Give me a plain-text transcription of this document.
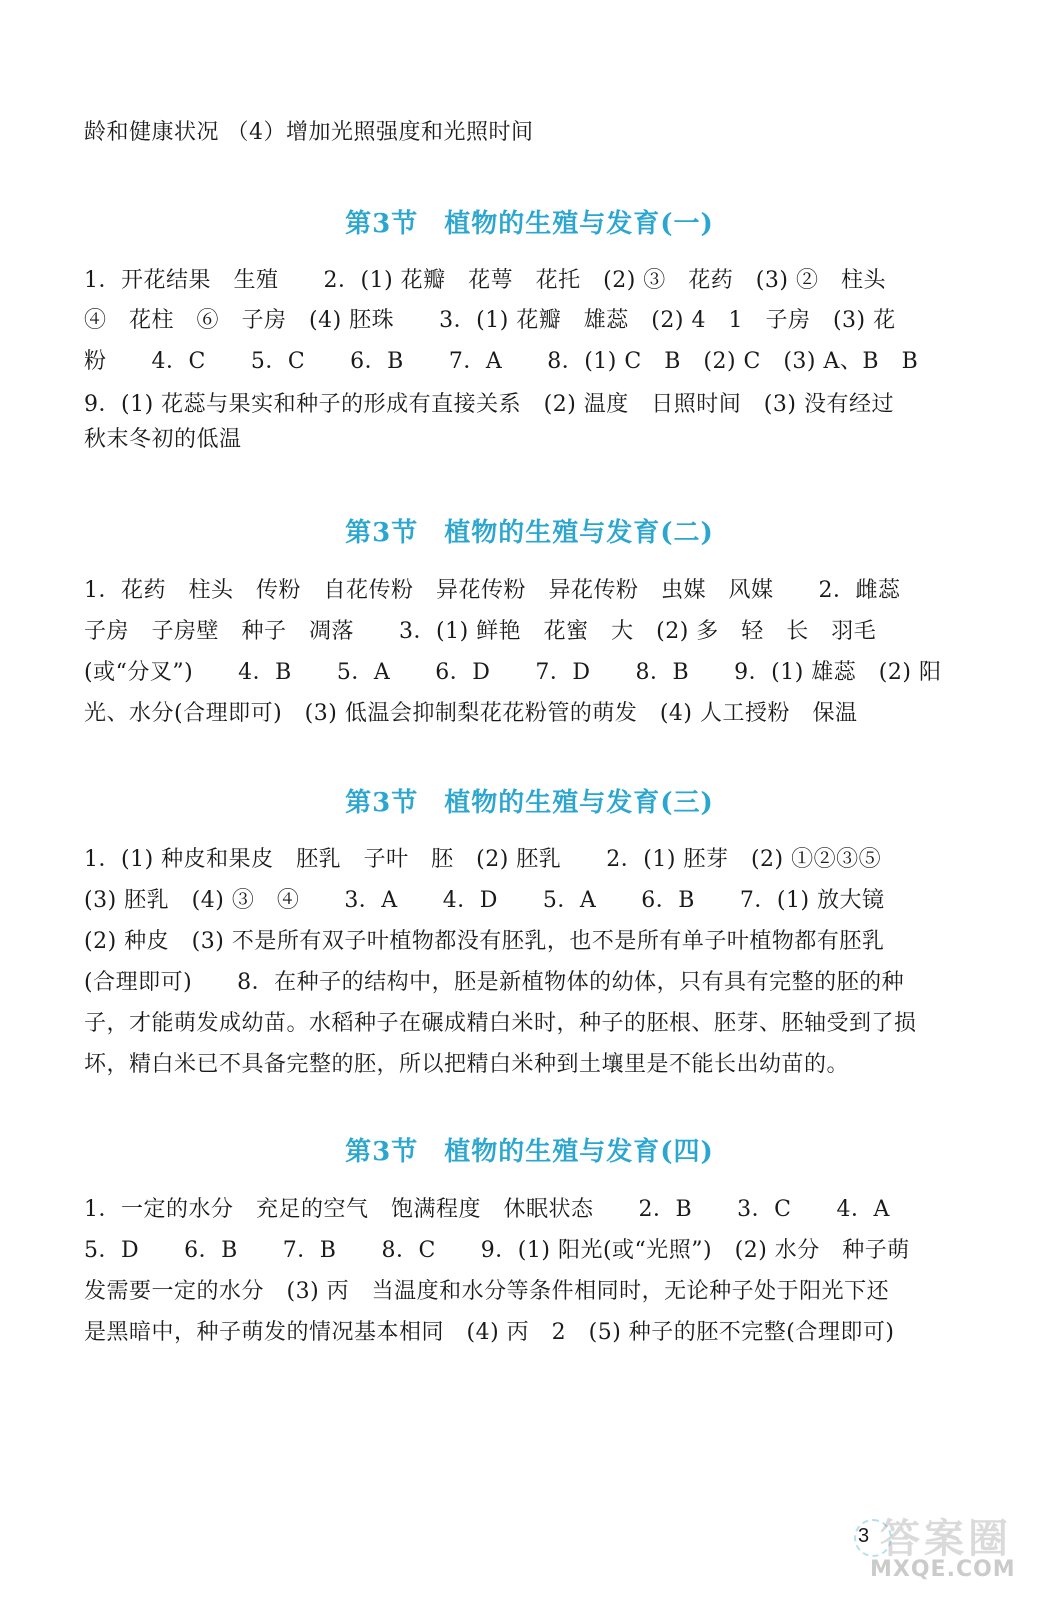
龄和健康状况 （4）增加光照强度和光照时间
第3节 植物的生殖与发育(一)
1．开花结果　生殖　　2．(1) 花瓣　花萼　花托　(2) ③　花药　(3) ②　柱头
④　花柱　⑥　子房　(4) 胚珠　　3．(1) 花瓣　雄蕊　(2) 4　1　子房　(3) 花
粉　　4．C　　5．C　　6．B　　7．A　　8．(1) C　B　(2) C　(3) A、B　B
9．(1) 花蕊与果实和种子的形成有直接关系　(2) 温度　日照时间　(3) 没有经过
秋末冬初的低温
第3节 植物的生殖与发育(二)
1．花药　柱头　传粉　自花传粉　异花传粉　异花传粉　虫媒　风媒　　2．雌蕊
子房　子房壁　种子　凋落　　3．(1) 鲜艳　花蜜　大　(2) 多　轻　长　羽毛
(或“分叉”)　　4．B　　5．A　　6．D　　7．D　　8．B　　9．(1) 雄蕊　(2) 阳
光、水分(合理即可)　(3) 低温会抑制梨花花粉管的萌发　(4) 人工授粉　保温
第3节 植物的生殖与发育(三)
1．(1) 种皮和果皮　胚乳　子叶　胚　(2) 胚乳　　2．(1) 胚芽　(2) ①②③⑤
(3) 胚乳　(4) ③　④　　3．A　　4．D　　5．A　　6．B　　7．(1) 放大镜
(2) 种皮　(3) 不是所有双子叶植物都没有胚乳，也不是所有单子叶植物都有胚乳
(合理即可)　　8．在种子的结构中，胚是新植物体的幼体，只有具有完整的胚的种
子，才能萌发成幼苗。水稻种子在碾成精白米时，种子的胚根、胚芽、胚轴受到了损
坏，精白米已不具备完整的胚，所以把精白米种到土壤里是不能长出幼苗的。
第3节 植物的生殖与发育(四)
1．一定的水分　充足的空气　饱满程度　休眠状态　　2．B　　3．C　　4．A
5．D　　6．B　　7．B　　8．C　　9．(1) 阳光(或“光照”)　(2) 水分　种子萌
发需要一定的水分　(3) 丙　当温度和水分等条件相同时，无论种子处于阳光下还
是黑暗中，种子萌发的情况基本相同　(4) 丙　2　(5) 种子的胚不完整(合理即可)
答案圈
MXQE.COM
3
